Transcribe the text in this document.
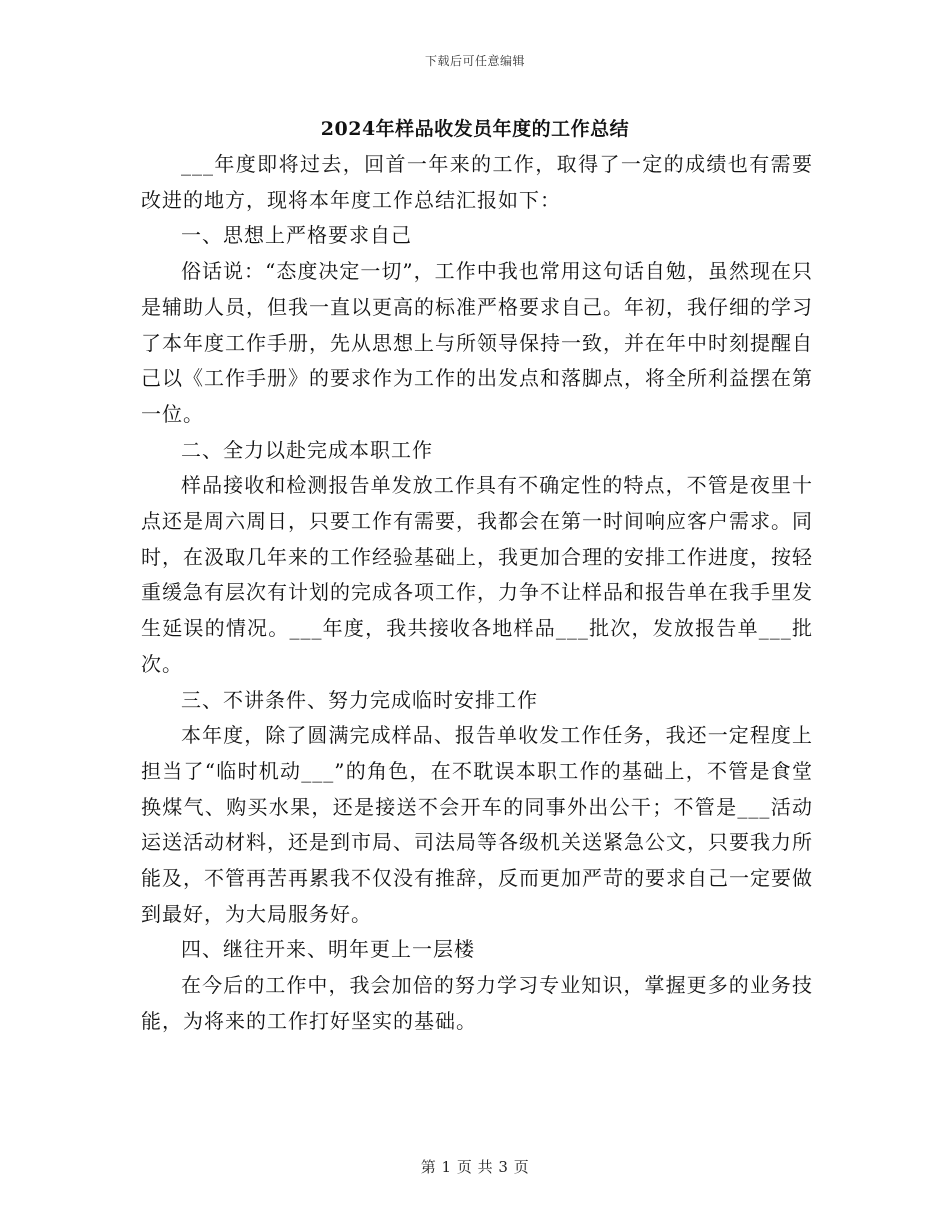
下载后可任意编辑
2024年样品收发员年度的工作总结

___年度即将过去，回首一年来的工作，取得了一定的成绩也有需要改进的地方，现将本年度工作总结汇报如下：

一、思想上严格要求自己

俗话说：“态度决定一切”，工作中我也常用这句话自勉，虽然现在只是辅助人员，但我一直以更高的标准严格要求自己。年初，我仔细的学习了本年度工作手册，先从思想上与所领导保持一致，并在年中时刻提醒自己以《工作手册》的要求作为工作的出发点和落脚点，将全所利益摆在第一位。

二、全力以赴完成本职工作

样品接收和检测报告单发放工作具有不确定性的特点，不管是夜里十点还是周六周日，只要工作有需要，我都会在第一时间响应客户需求。同时，在汲取几年来的工作经验基础上，我更加合理的安排工作进度，按轻重缓急有层次有计划的完成各项工作，力争不让样品和报告单在我手里发生延误的情况。___年度，我共接收各地样品___批次，发放报告单___批次。

三、不讲条件、努力完成临时安排工作

本年度，除了圆满完成样品、报告单收发工作任务，我还一定程度上担当了“临时机动___”的角色，在不耽误本职工作的基础上，不管是食堂换煤气、购买水果，还是接送不会开车的同事外出公干；不管是___活动运送活动材料，还是到市局、司法局等各级机关送紧急公文，只要我力所能及，不管再苦再累我不仅没有推辞，反而更加严苛的要求自己一定要做到最好，为大局服务好。

四、继往开来、明年更上一层楼

在今后的工作中，我会加倍的努力学习专业知识，掌握更多的业务技能，为将来的工作打好坚实的基础。

第 1 页 共 3 页
